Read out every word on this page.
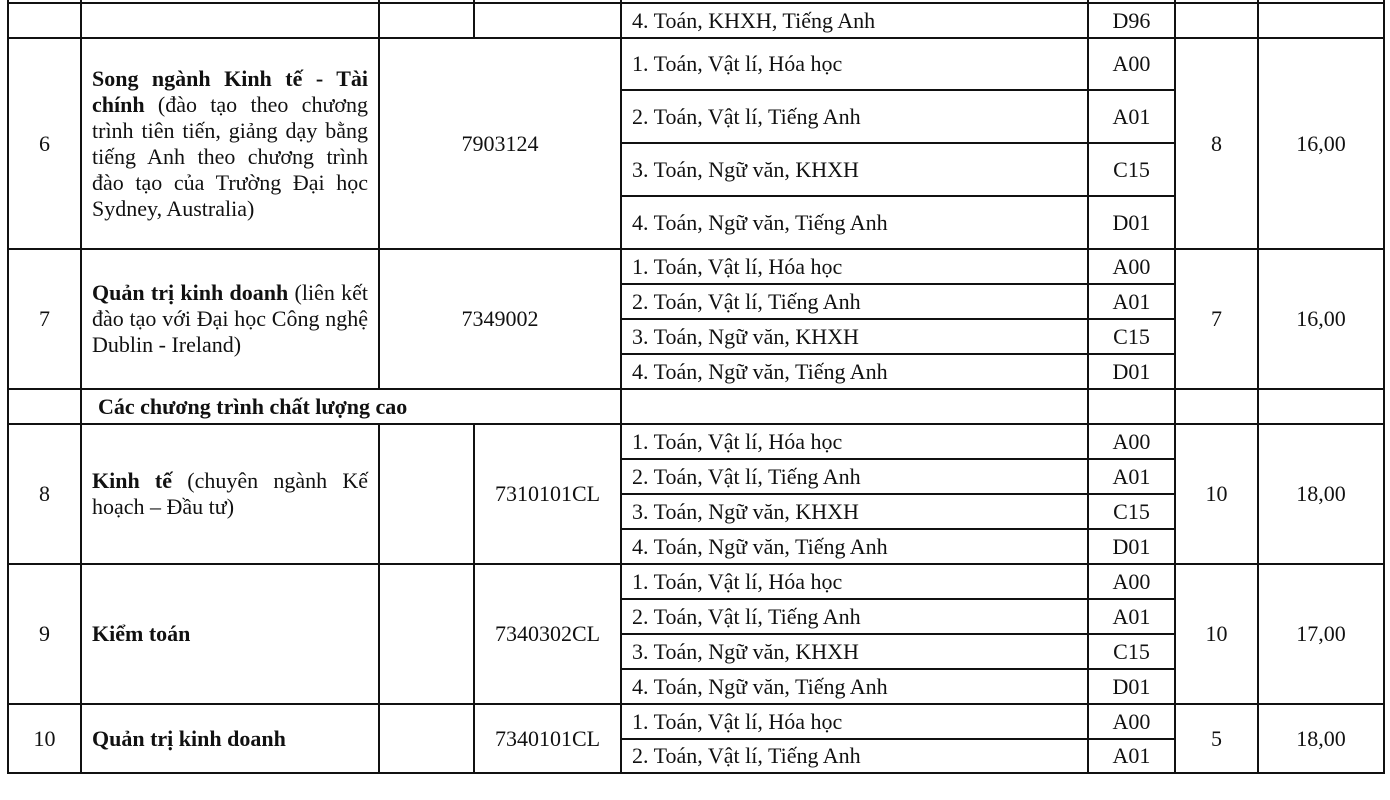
				4. Toán, KHXH, Tiếng Anh	D96		
6	Song ngành Kinh tế - Tài chính (đào tạo theo chương trình tiên tiến, giảng dạy bằng tiếng Anh theo chương trình đào tạo của Trường Đại học Sydney, Australia)	7903124		1. Toán, Vật lí, Hóa học	A00	8	16,00
				2. Toán, Vật lí, Tiếng Anh	A01		
				3. Toán, Ngữ văn, KHXH	C15		
				4. Toán, Ngữ văn, Tiếng Anh	D01		
7	Quản trị kinh doanh (liên kết đào tạo với Đại học Công nghệ Dublin - Ireland)	7349002		1. Toán, Vật lí, Hóa học	A00	7	16,00
				2. Toán, Vật lí, Tiếng Anh	A01		
				3. Toán, Ngữ văn, KHXH	C15		
				4. Toán, Ngữ văn, Tiếng Anh	D01		
	Các chương trình chất lượng cao						
8	Kinh tế (chuyên ngành Kế hoạch – Đầu tư)		7310101CL	1. Toán, Vật lí, Hóa học	A00	10	18,00
				2. Toán, Vật lí, Tiếng Anh	A01		
				3. Toán, Ngữ văn, KHXH	C15		
				4. Toán, Ngữ văn, Tiếng Anh	D01		
9	Kiểm toán		7340302CL	1. Toán, Vật lí, Hóa học	A00	10	17,00
				2. Toán, Vật lí, Tiếng Anh	A01		
				3. Toán, Ngữ văn, KHXH	C15		
				4. Toán, Ngữ văn, Tiếng Anh	D01		
10	Quản trị kinh doanh		7340101CL	1. Toán, Vật lí, Hóa học	A00	5	18,00
				2. Toán, Vật lí, Tiếng Anh	A01		
